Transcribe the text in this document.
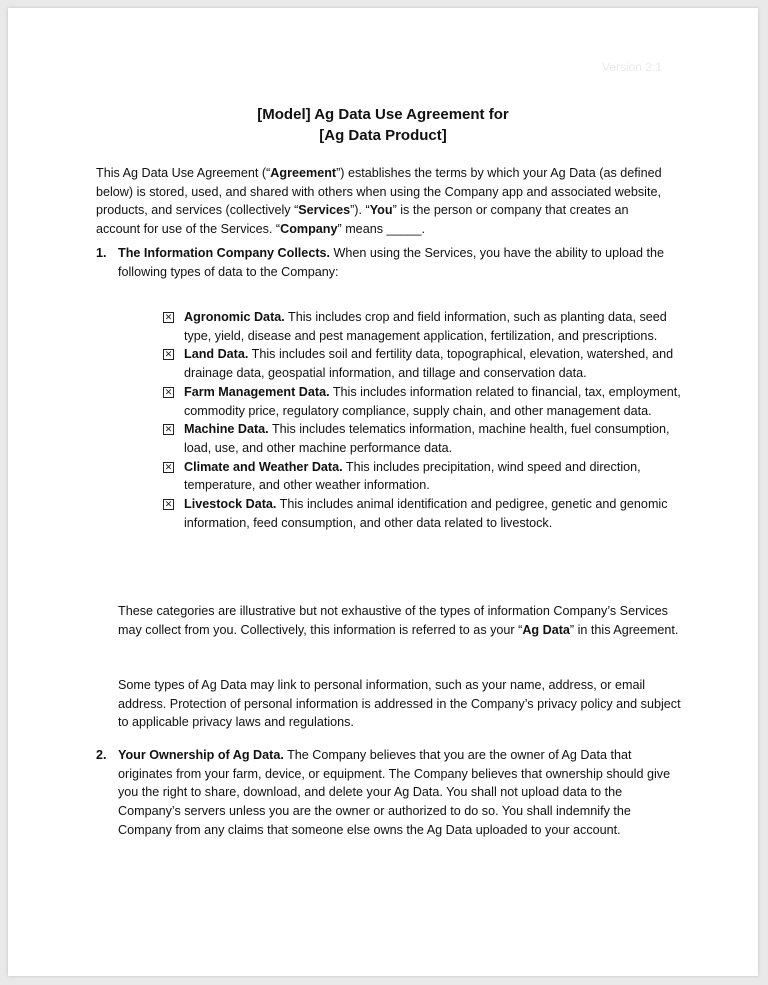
Version 2.1
[Model] Ag Data Use Agreement for
[Ag Data Product]
This Ag Data Use Agreement (“Agreement”) establishes the terms by which your Ag Data (as defined below) is stored, used, and shared with others when using the Company app and associated website, products, and services (collectively “Services”). “You” is the person or company that creates an account for use of the Services. “Company” means _____.
1. The Information Company Collects. When using the Services, you have the ability to upload the following types of data to the Company:
✕ Agronomic Data. This includes crop and field information, such as planting data, seed type, yield, disease and pest management application, fertilization, and prescriptions.
✕ Land Data. This includes soil and fertility data, topographical, elevation, watershed, and drainage data, geospatial information, and tillage and conservation data.
✕ Farm Management Data. This includes information related to financial, tax, employment, commodity price, regulatory compliance, supply chain, and other management data.
✕ Machine Data. This includes telematics information, machine health, fuel consumption, load, use, and other machine performance data.
✕ Climate and Weather Data. This includes precipitation, wind speed and direction, temperature, and other weather information.
✕ Livestock Data. This includes animal identification and pedigree, genetic and genomic information, feed consumption, and other data related to livestock.
These categories are illustrative but not exhaustive of the types of information Company’s Services may collect from you. Collectively, this information is referred to as your “Ag Data” in this Agreement.
Some types of Ag Data may link to personal information, such as your name, address, or email address. Protection of personal information is addressed in the Company’s privacy policy and subject to applicable privacy laws and regulations.
2. Your Ownership of Ag Data. The Company believes that you are the owner of Ag Data that originates from your farm, device, or equipment. The Company believes that ownership should give you the right to share, download, and delete your Ag Data. You shall not upload data to the Company’s servers unless you are the owner or authorized to do so. You shall indemnify the Company from any claims that someone else owns the Ag Data uploaded to your account.
